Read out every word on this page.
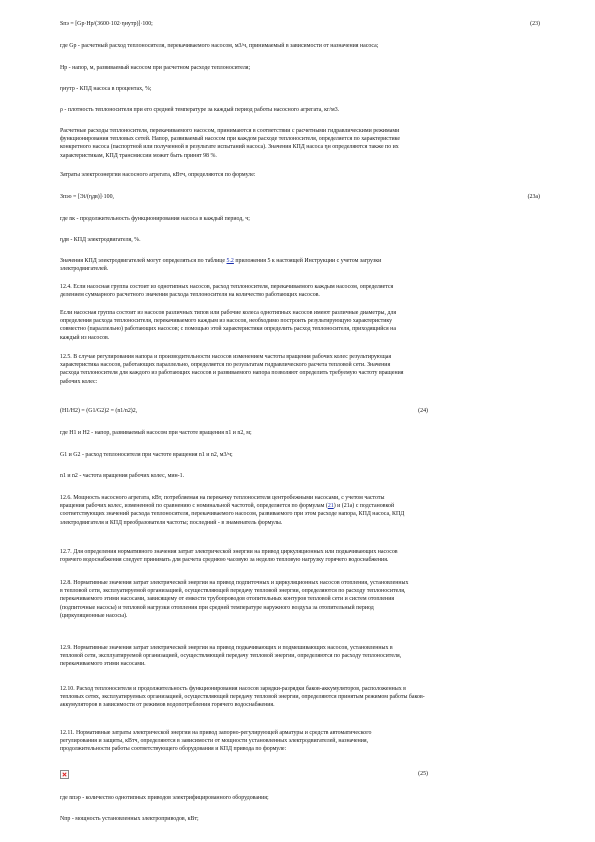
Sпэ = [Gр·Hр/(3600·102·ηнутр)]·100;	(23)
где Gр - расчетный расход теплоносителя, перекачиваемого насосом, м3/ч, принимаемый в зависимости от назначения насоса;
Hр - напор, м, развиваемый насосом при расчетном расходе теплоносителя;
ηнутр - КПД насоса в процентах, %;
ρ - плотность теплоносителя при его средней температуре за каждый период работы насосного агрегата, кг/м3.
Расчетные расходы теплоносителя, перекачиваемого насосом, принимаются в соответствии с расчетными гидравлическими режимами
функционирования тепловых сетей. Напор, развиваемый насосом при каждом расходе теплоносителя, определяется по характеристике
конкретного насоса (паспортной или полученной в результате испытаний насоса). Значения КПД насоса ηн определяются также по их
характеристикам, КПД трансмиссии может быть принят 98 %.
Затраты электроэнергии насосного агрегата, кВтч, определяются по формуле:
Зпэо = [Эi/(ηдв)]·100,	(23а)
где nк - продолжительность функционирования насоса в каждый период, ч;
ηдв - КПД электродвигателя, %.
Значения КПД электродвигателей могут определяться по таблице 5.2 приложения 5 к настоящей Инструкции с учетом загрузки
электродвигателей.
12.4. Если насосная группа состоит из однотипных насосов, расход теплоносителя, перекачиваемого каждым насосом, определяется
делением суммарного расчетного значения расхода теплоносителя на количество работающих насосов.
Если насосная группа состоит из насосов различных типов или рабочие колеса однотипных насосов имеют различные диаметры, для
определения расхода теплоносителя, перекачиваемого каждым из насосов, необходимо построить результирующую характеристику
совместно (параллельно) работающих насосов; с помощью этой характеристики определить расход теплоносителя, приходящийся на
каждый из насосов.
12.5. В случае регулирования напора и производительности насосов изменением частоты вращения рабочих колес результирующая
характеристика насосов, работающих параллельно, определяется по результатам гидравлического расчета тепловой сети. Значения
расхода теплоносителя для каждого из работающих насосов и развиваемого напора позволяют определить требуемую частоту вращения
рабочих колес:
(H1/H2) = (G1/G2)2 = (n1/n2)2,	(24)
где H1 и H2 - напор, развиваемый насосом при частоте вращения n1 и n2, м;
G1 и G2 - расход теплоносителя при частоте вращения n1 и n2, м3/ч;
n1 и n2 - частота вращения рабочих колес, мин-1.
12.6. Мощность насосного агрегата, кВт, потребляемая на перекачку теплоносителя центробежными насосами, с учетом частоты
вращения рабочих колес, измененной по сравнению с номинальной частотой, определяется по формулам (21) и (21а) с подстановкой
соответствующих значений расхода теплоносителя, перекачиваемого насосом, развиваемого при этом расходе напора, КПД насоса, КПД
электродвигателя и КПД преобразователя частоты; последний - в знаменатель формулы.
12.7. Для определения нормативного значения затрат электрической энергии на привод циркуляционных или подкачивающих насосов
горячего водоснабжения следует принимать для расчета среднюю часовую за неделю тепловую нагрузку горячего водоснабжения.
12.8. Нормативные значения затрат электрической энергии на привод подпиточных и циркуляционных насосов отопления, установленных
в тепловой сети, эксплуатируемой организацией, осуществляющей передачу тепловой энергии, определяются по расходу теплоносителя,
перекачиваемого этими насосами, зависящему от емкости трубопроводов отопительных контуров тепловой сети и систем отопления
(подпиточные насосы) и тепловой нагрузки отопления при средней температуре наружного воздуха за отопительный период
(циркуляционные насосы).
12.9. Нормативные значения затрат электрической энергии на привод подкачивающих и подмешивающих насосов, установленных в
тепловой сети, эксплуатируемой организацией, осуществляющей передачу тепловой энергии, определяются по расходу теплоносителя,
перекачиваемого этими насосами.
12.10. Расход теплоносителя и продолжительность функционирования насосов зарядки-разрядки баков-аккумуляторов, расположенных в
тепловых сетях, эксплуатируемых организацией, осуществляющей передачу тепловой энергии, определяются принятым режимом работы баков-
аккумуляторов в зависимости от режимов водопотребления горячего водоснабжения.
12.11. Нормативные затраты электрической энергии на привод запорно-регулирующей арматуры и средств автоматического
регулирования и защиты, кВтч, определяются в зависимости от мощности установленных электродвигателей, назначения,
продолжительности работы соответствующего оборудования и КПД привода по формуле:
(25)
где nпэр - количество однотипных приводов электрифицированного оборудования;
Nпр - мощность установленных электроприводов, кВт;
